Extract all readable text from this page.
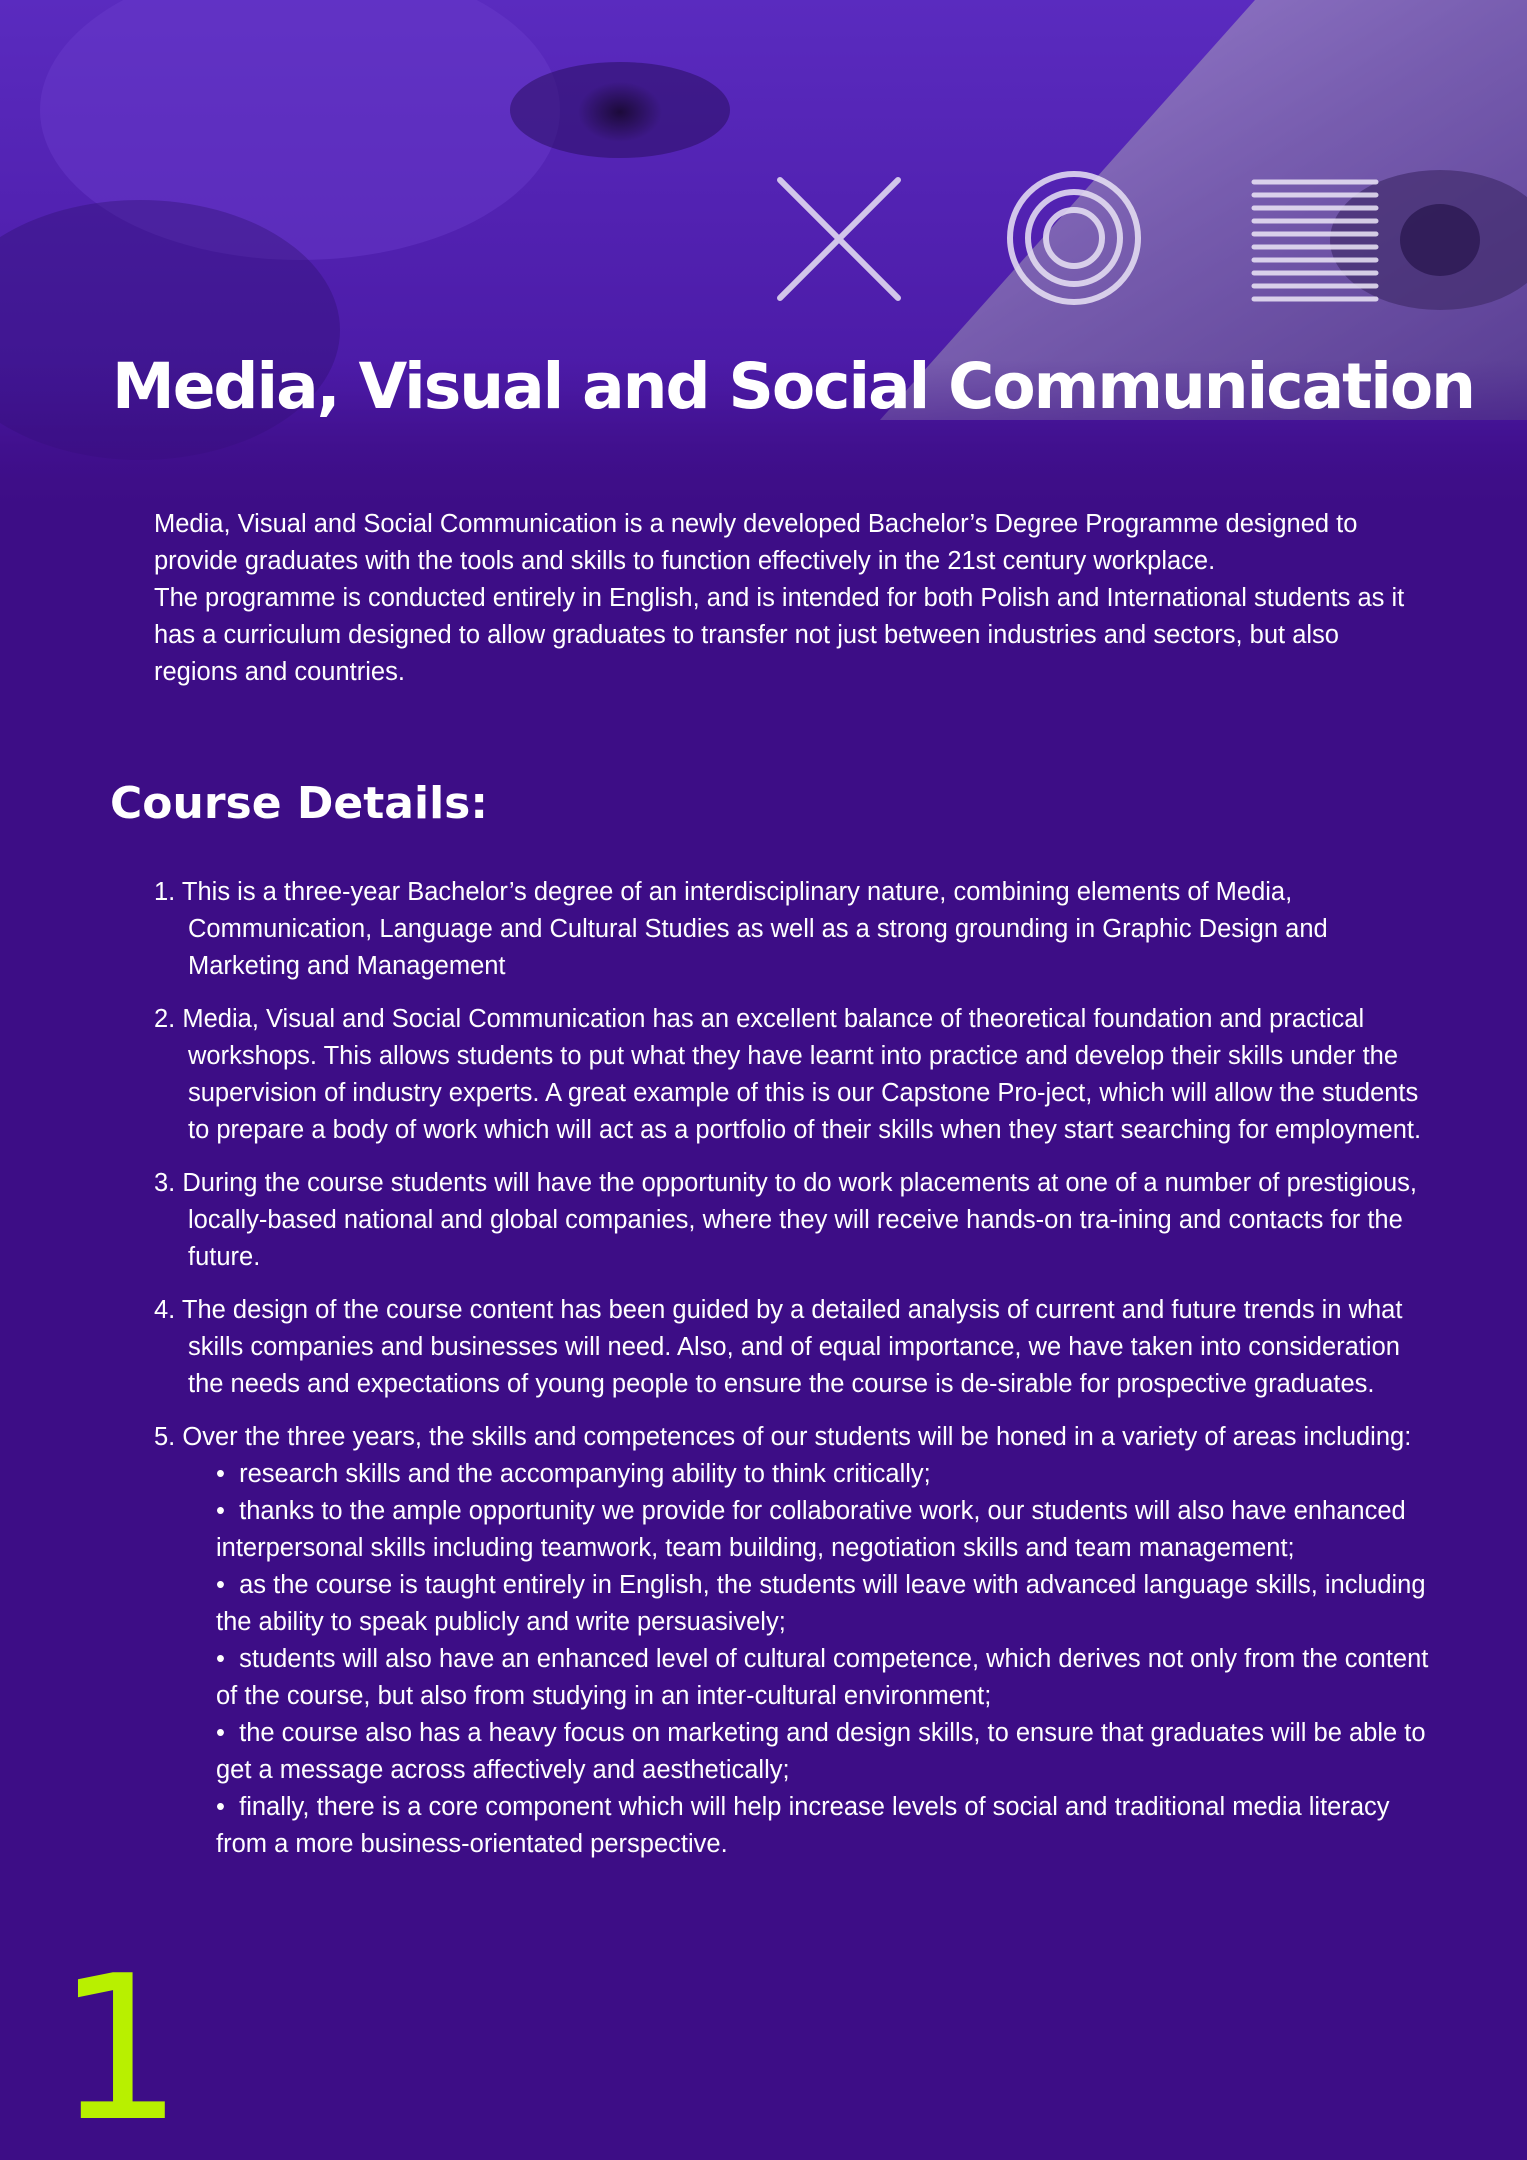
Media, Visual and Social Communication

Media, Visual and Social Communication is a newly developed Bachelor’s Degree Programme designed to provide graduates with the tools and skills to function effectively in the 21st century workplace.

The programme is conducted entirely in English, and is intended for both Polish and International students as it has a curriculum designed to allow graduates to transfer not just between industries and sectors, but also regions and countries.

Course Details:
1. This is a three-year Bachelor’s degree of an interdisciplinary nature, combining elements of Media, Communication, Language and Cultural Studies as well as a strong grounding in Graphic Design and Marketing and Management
2. Media, Visual and Social Communication has an excellent balance of theoretical foundation and practical workshops. This allows students to put what they have learnt into practice and develop their skills under the supervision of industry experts. A great example of this is our Capstone Pro-ject, which will allow the students to prepare a body of work which will act as a portfolio of their skills when they start searching for employment.
3. During the course students will have the opportunity to do work placements at one of a number of prestigious, locally-based national and global companies, where they will receive hands-on tra-ining and contacts for the future.
4. The design of the course content has been guided by a detailed analysis of current and future trends in what skills companies and businesses will need. Also, and of equal importance, we have taken into consideration the needs and expectations of young people to ensure the course is de-sirable for prospective graduates.
5. Over the three years, the skills and competences of our students will be honed in a variety of areas including:
• research skills and the accompanying ability to think critically;
• thanks to the ample opportunity we provide for collaborative work, our students will also have enhanced interpersonal skills including teamwork, team building, negotiation skills and team management;
• as the course is taught entirely in English, the students will leave with advanced language skills, including the ability to speak publicly and write persuasively;
• students will also have an enhanced level of cultural competence, which derives not only from the content of the course, but also from studying in an inter-cultural environment;
• the course also has a heavy focus on marketing and design skills, to ensure that graduates will be able to get a message across affectively and aesthetically;
• finally, there is a core component which will help increase levels of social and traditional media literacy from a more business-orientated perspective.
1
